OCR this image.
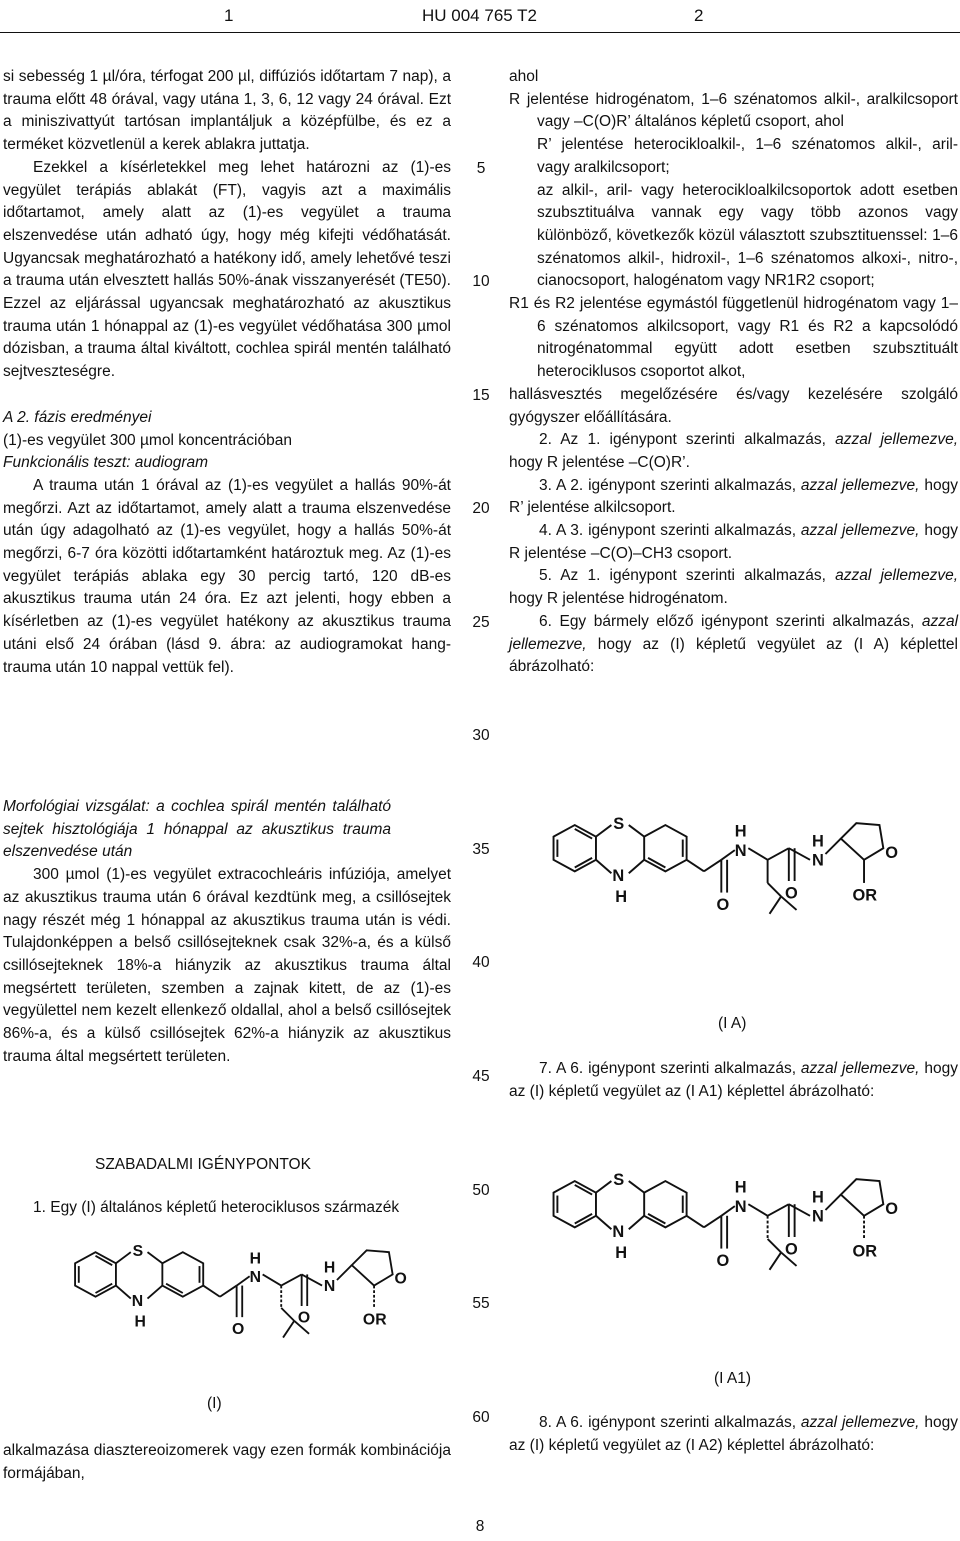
1	HU 004 765 T2	2

si sebesség 1 µl/óra, térfogat 200 µl, diffúziós időtartam 7 nap), a trauma előtt 48 órával, vagy utána 1, 3, 6, 12 vagy 24 órával. Ezt a miniszivattyút tartósan implantáljuk a középfülbe, és ez a terméket közvetlenül a kerek ablakra juttatja.

Ezekkel a kísérletekkel meg lehet határozni az (1)-es vegyület terápiás ablakát (FT), vagyis azt a maximális időtartamot, amely alatt az (1)-es vegyület a trauma elszenvedése után adható úgy, hogy még kifejti védőhatását. Ugyancsak meghatározható a hatékony idő, amely lehetővé teszi a trauma után elvesztett hallás 50%-ának visszanyerését (TE50). Ezzel az eljárással ugyancsak meghatározható az akusztikus trauma után 1 hónappal az (1)-es vegyület védőhatása 300 µmol dózisban, a trauma által kiváltott, cochlea spirál mentén található sejtveszteségre.

A 2. fázis eredményei

(1)-es vegyület 300 µmol koncentrációban

Funkcionális teszt: audiogram

A trauma után 1 órával az (1)-es vegyület a hallás 90%-át megőrzi. Azt az időtartamot, amely alatt a trauma elszenvedése után úgy adagolható az (1)-es vegyület, hogy a hallás 50%-át megőrzi, 6-7 óra közötti időtartamként határoztuk meg. Az (1)-es vegyület terápiás ablaka egy 30 percig tartó, 120 dB-es akusztikus trauma után 24 óra. Ez azt jelenti, hogy ebben a kísérletben az (1)-es vegyület hatékony az akusztikus trauma utáni első 24 órában (lásd 9. ábra: az audiogramokat hang-trauma után 10 nappal vettük fel).

Morfológiai vizsgálat: a cochlea spirál mentén található sejtek hisztológiája 1 hónappal az akusztikus trauma elszenvedése után

300 µmol (1)-es vegyület extracochleáris infúziója, amelyet az akusztikus trauma után 6 órával kezdtünk meg, a csillósejtek nagy részét még 1 hónappal az akusztikus trauma után is védi. Tulajdonképpen a belső csillósejteknek csak 32%-a, és a külső csillósejteknek 18%-a hiányzik az akusztikus trauma által megsértett területen, szemben a zajnak kitett, de az (1)-es vegyülettel nem kezelt ellenkező oldallal, ahol a belső csillósejtek 86%-a, és a külső csillósejtek 62%-a hiányzik az akusztikus trauma által megsértett területen.

SZABADALMI IGÉNYPONTOK

1. Egy (I) általános képletű heterociklusos származék

S
N
H	O
H
N
O
N
H
O
OR
(I)
alkalmazása diasztereoizomerek vagy ezen formák kombinációja formájában,
5
10
15
20
25
30
35
40
45
50
55
60

ahol

R jelentése hidrogénatom, 1–6 szénatomos alkil-, aralkilcsoport vagy –C(O)R’ általános képletű csoport, ahol

R’ jelentése heterocikloalkil-, 1–6 szénatomos alkil-, aril- vagy aralkilcsoport;

az alkil-, aril- vagy heterocikloalkilcsoportok adott esetben szubsztituálva vannak egy vagy több azonos vagy különböző, következők közül választott szubsztituenssel: 1–6 szénatomos alkil-, hidroxil-, 1–6 szénatomos alkoxi-, nitro-, cianocsoport, halogénatom vagy NR1R2 csoport;

R1 és R2 jelentése egymástól függetlenül hidrogénatom vagy 1–6 szénatomos alkilcsoport, vagy R1 és R2 a kapcsolódó nitrogénatommal együtt adott esetben szubsztituált heterociklusos csoportot alkot,

hallásvesztés megelőzésére és/vagy kezelésére szolgáló gyógyszer előállítására.

2. Az 1. igénypont szerinti alkalmazás, azzal jellemezve, hogy R jelentése –C(O)R’.

3. A 2. igénypont szerinti alkalmazás, azzal jellemezve, hogy R’ jelentése alkilcsoport.

4. A 3. igénypont szerinti alkalmazás, azzal jellemezve, hogy R jelentése –C(O)–CH3 csoport.

5. Az 1. igénypont szerinti alkalmazás, azzal jellemezve, hogy R jelentése hidrogénatom.

6. Egy bármely előző igénypont szerinti alkalmazás, azzal jellemezve, hogy az (I) képletű vegyület az (I A) képlettel ábrázolható:

S
N
H	O
H
N
O
N
H
O
OR
(I A)

7. A 6. igénypont szerinti alkalmazás, azzal jellemezve, hogy az (I) képletű vegyület az (I A1) képlettel ábrázolható:

S
N
H	O
H
N
O
N
H
O
OR
(I A1)

8. A 6. igénypont szerinti alkalmazás, azzal jellemezve, hogy az (I) képletű vegyület az (I A2) képlettel ábrázolható:

8
